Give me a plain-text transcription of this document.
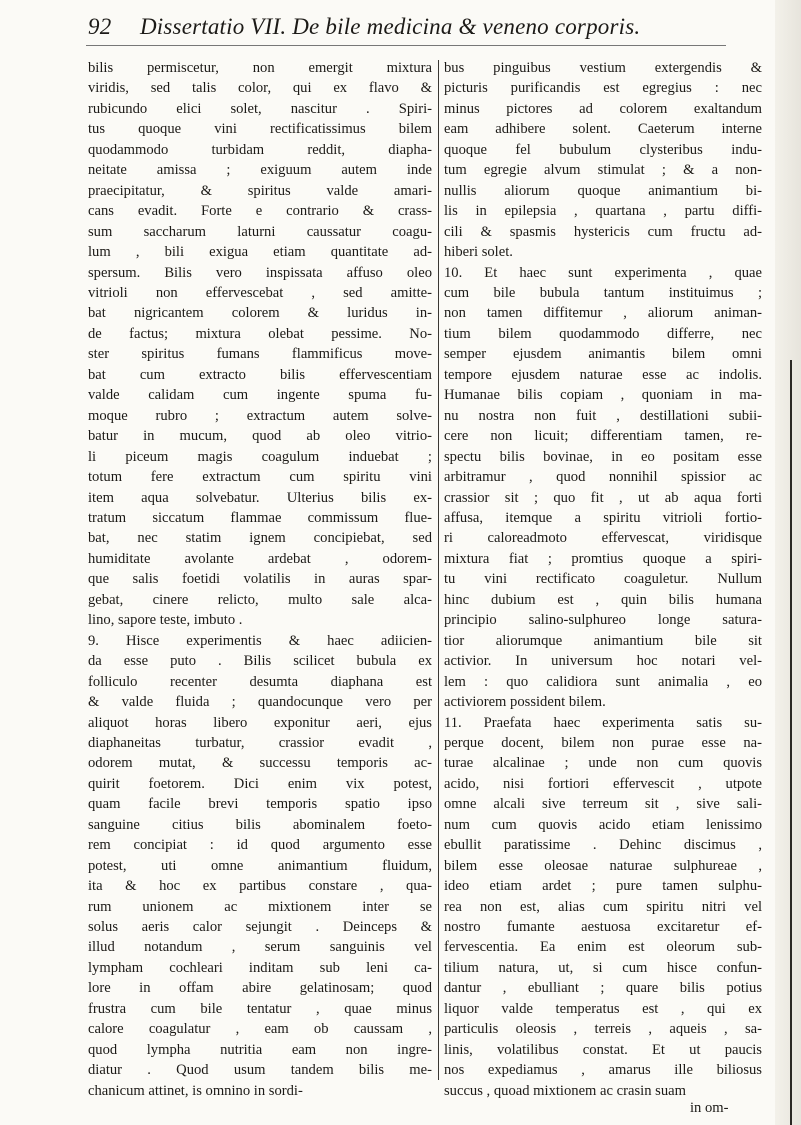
92 Dissertatio VII. De bile medicina & veneno corporis.
bilis permiscetur, non emergit mixtura
viridis, sed talis color, qui ex flavo &
rubicundo elici solet, nascitur . Spiri-
tus quoque vini rectificatissimus bilem
quodammodo turbidam reddit, diapha-
neitate amissa ; exiguum autem inde
praecipitatur, & spiritus valde amari-
cans evadit. Forte e contrario & crass-
sum saccharum laturni caussatur coagu-
lum , bili exigua etiam quantitate ad-
spersum. Bilis vero inspissata affuso oleo
vitrioli non effervescebat , sed amitte-
bat nigricantem colorem & luridus in-
de factus; mixtura olebat pessime. No-
ster spiritus fumans flammificus move-
bat cum extracto bilis effervescentiam
valde calidam cum ingente spuma fu-
moque rubro ; extractum autem solve-
batur in mucum, quod ab oleo vitrio-
li piceum magis coagulum induebat ;
totum fere extractum cum spiritu vini
item aqua solvebatur. Ulterius bilis ex-
tratum siccatum flammae commissum flue-
bat, nec statim ignem concipiebat, sed
humiditate avolante ardebat , odorem-
que salis foetidi volatilis in auras spar-
gebat, cinere relicto, multo sale alca-
lino, sapore teste, imbuto .
9. Hisce experimentis & haec adiicien-
da esse puto . Bilis scilicet bubula ex
folliculo recenter desumta diaphana est
& valde fluida ; quandocunque vero per
aliquot horas libero exponitur aeri, ejus
diaphaneitas turbatur, crassior evadit ,
odorem mutat, & successu temporis ac-
quirit foetorem. Dici enim vix potest,
quam facile brevi temporis spatio ipso
sanguine citius bilis abominalem foeto-
rem concipiat : id quod argumento esse
potest, uti omne animantium fluidum,
ita & hoc ex partibus constare , qua-
rum unionem ac mixtionem inter se
solus aeris calor sejungit . Deinceps &
illud notandum , serum sanguinis vel
lympham cochleari inditam sub leni ca-
lore in offam abire gelatinosam; quod
frustra cum bile tentatur , quae minus
calore coagulatur , eam ob caussam ,
quod lympha nutritia eam non ingre-
diatur . Quod usum tandem bilis me-
chanicum attinet, is omnino in sordi-
bus pinguibus vestium extergendis &
picturis purificandis est egregius : nec
minus pictores ad colorem exaltandum
eam adhibere solent. Caeterum interne
quoque fel bubulum clysteribus indu-
tum egregie alvum stimulat ; & a non-
nullis aliorum quoque animantium bi-
lis in epilepsia , quartana , partu diffi-
cili & spasmis hystericis cum fructu ad-
hiberi solet.
10. Et haec sunt experimenta , quae
cum bile bubula tantum instituimus ;
non tamen diffitemur , aliorum animan-
tium bilem quodammodo differre, nec
semper ejusdem animantis bilem omni
tempore ejusdem naturae esse ac indolis.
Humanae bilis copiam , quoniam in ma-
nu nostra non fuit , destillationi subii-
cere non licuit; differentiam tamen, re-
spectu bilis bovinae, in eo positam esse
arbitramur , quod nonnihil spissior ac
crassior sit ; quo fit , ut ab aqua forti
affusa, itemque a spiritu vitrioli fortio-
ri caloreadmoto effervescat, viridisque
mixtura fiat ; promtius quoque a spiri-
tu vini rectificato coaguletur. Nullum
hinc dubium est , quin bilis humana
principio salino-sulphureo longe satura-
tior aliorumque animantium bile sit
activior. In universum hoc notari vel-
lem : quo calidiora sunt animalia , eo
activiorem possident bilem.
11. Praefata haec experimenta satis su-
perque docent, bilem non purae esse na-
turae alcalinae ; unde non cum quovis
acido, nisi fortiori effervescit , utpote
omne alcali sive terreum sit , sive sali-
num cum quovis acido etiam lenissimo
ebullit paratissime . Dehinc discimus ,
bilem esse oleosae naturae sulphureae ,
ideo etiam ardet ; pure tamen sulphu-
rea non est, alias cum spiritu nitri vel
nostro fumante aestuosa excitaretur ef-
fervescentia. Ea enim est oleorum sub-
tilium natura, ut, si cum hisce confun-
dantur , ebulliant ; quare bilis potius
liquor valde temperatus est , qui ex
particulis oleosis , terreis , aqueis , sa-
linis, volatilibus constat. Et ut paucis
nos expediamus , amarus ille biliosus
succus , quoad mixtionem ac crasin suam
in om-
